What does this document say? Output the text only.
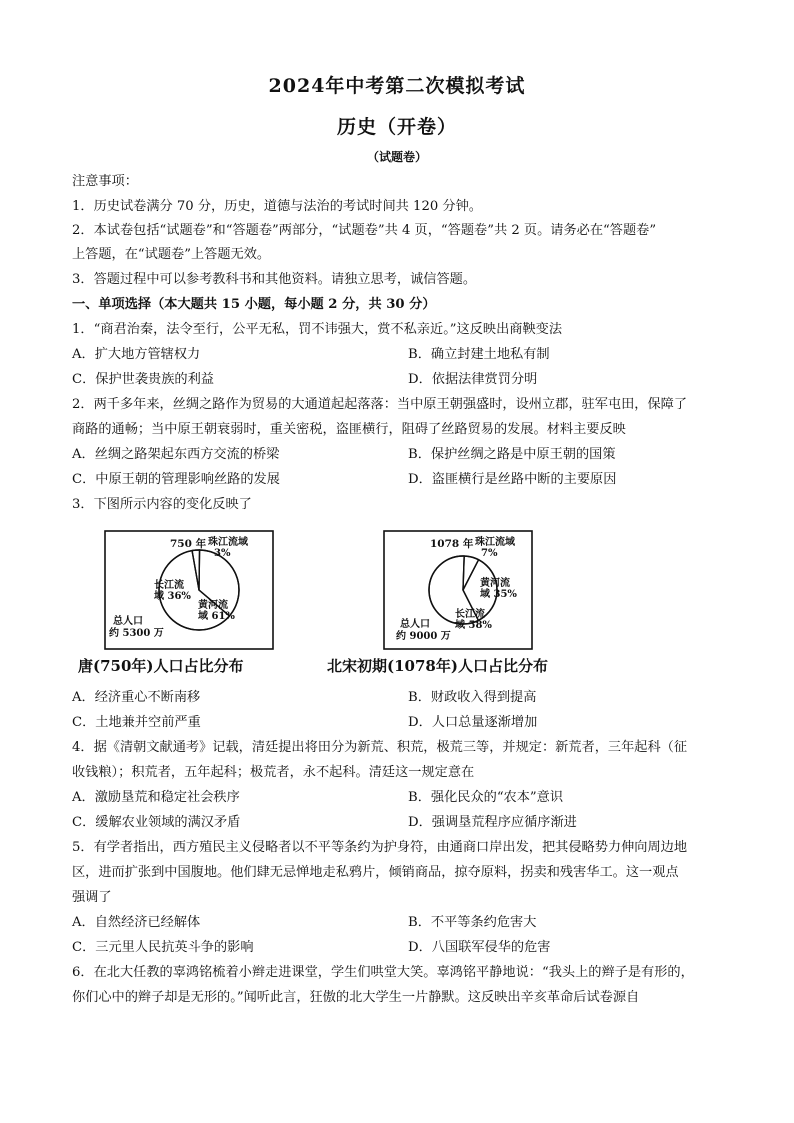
2024年中考第二次模拟考试
历史（开卷）
（试题卷）
注意事项：
1．历史试卷满分 70 分，历史，道德与法治的考试时间共 120 分钟。
2．本试卷包括“试题卷”和“答题卷”两部分，“试题卷”共 4 页，“答题卷”共 2 页。请务必在“答题卷”
上答题，在“试题卷”上答题无效。
3．答题过程中可以参考教科书和其他资料。请独立思考，诚信答题。
一、单项选择（本大题共 15 小题，每小题 2 分，共 30 分）
1．“商君治秦，法令至行，公平无私，罚不讳强大，赏不私亲近。”这反映出商鞅变法
A．扩大地方管辖权力	B．确立封建土地私有制
C．保护世袭贵族的利益	D．依据法律赏罚分明
2．两千多年来，丝绸之路作为贸易的大通道起起落落：当中原王朝强盛时，设州立郡，驻军屯田，保障了
商路的通畅；当中原王朝衰弱时，重关密税，盗匪横行，阻碍了丝路贸易的发展。材料主要反映
A．丝绸之路架起东西方交流的桥梁	B．保护丝绸之路是中原王朝的国策
C．中原王朝的管理影响丝路的发展	D．盗匪横行是丝路中断的主要原因
3．下图所示内容的变化反映了
750 年 珠江流域
3%
长江流
域 36%
黄河流
域 61%
总人口
约 5300 万
唐(750年)人口占比分布
1078 年 珠江流域
7%
黄河流
域 35%
长江流
域 58%
总人口
约 9000 万
北宋初期(1078年)人口占比分布
A．经济重心不断南移	B．财政收入得到提高
C．土地兼并空前严重	D．人口总量逐渐增加
4．据《清朝文献通考》记载，清廷提出将田分为新荒、积荒，极荒三等，并规定：新荒者，三年起科（征
收钱粮）；积荒者，五年起科；极荒者，永不起科。清廷这一规定意在
A．激励垦荒和稳定社会秩序	B．强化民众的“农本”意识
C．缓解农业领域的满汉矛盾	D．强调垦荒程序应循序渐进
5．有学者指出，西方殖民主义侵略者以不平等条约为护身符，由通商口岸出发，把其侵略势力伸向周边地
区，进而扩张到中国腹地。他们肆无忌惮地走私鸦片，倾销商品，掠夺原料，拐卖和残害华工。这一观点
强调了
A．自然经济已经解体	B．不平等条约危害大
C．三元里人民抗英斗争的影响	D．八国联军侵华的危害
6．在北大任教的辜鸿铭梳着小辫走进课堂，学生们哄堂大笑。辜鸿铭平静地说：“我头上的辫子是有形的，
你们心中的辫子却是无形的。”闻听此言，狂傲的北大学生一片静默。这反映出辛亥革命后试卷源自
